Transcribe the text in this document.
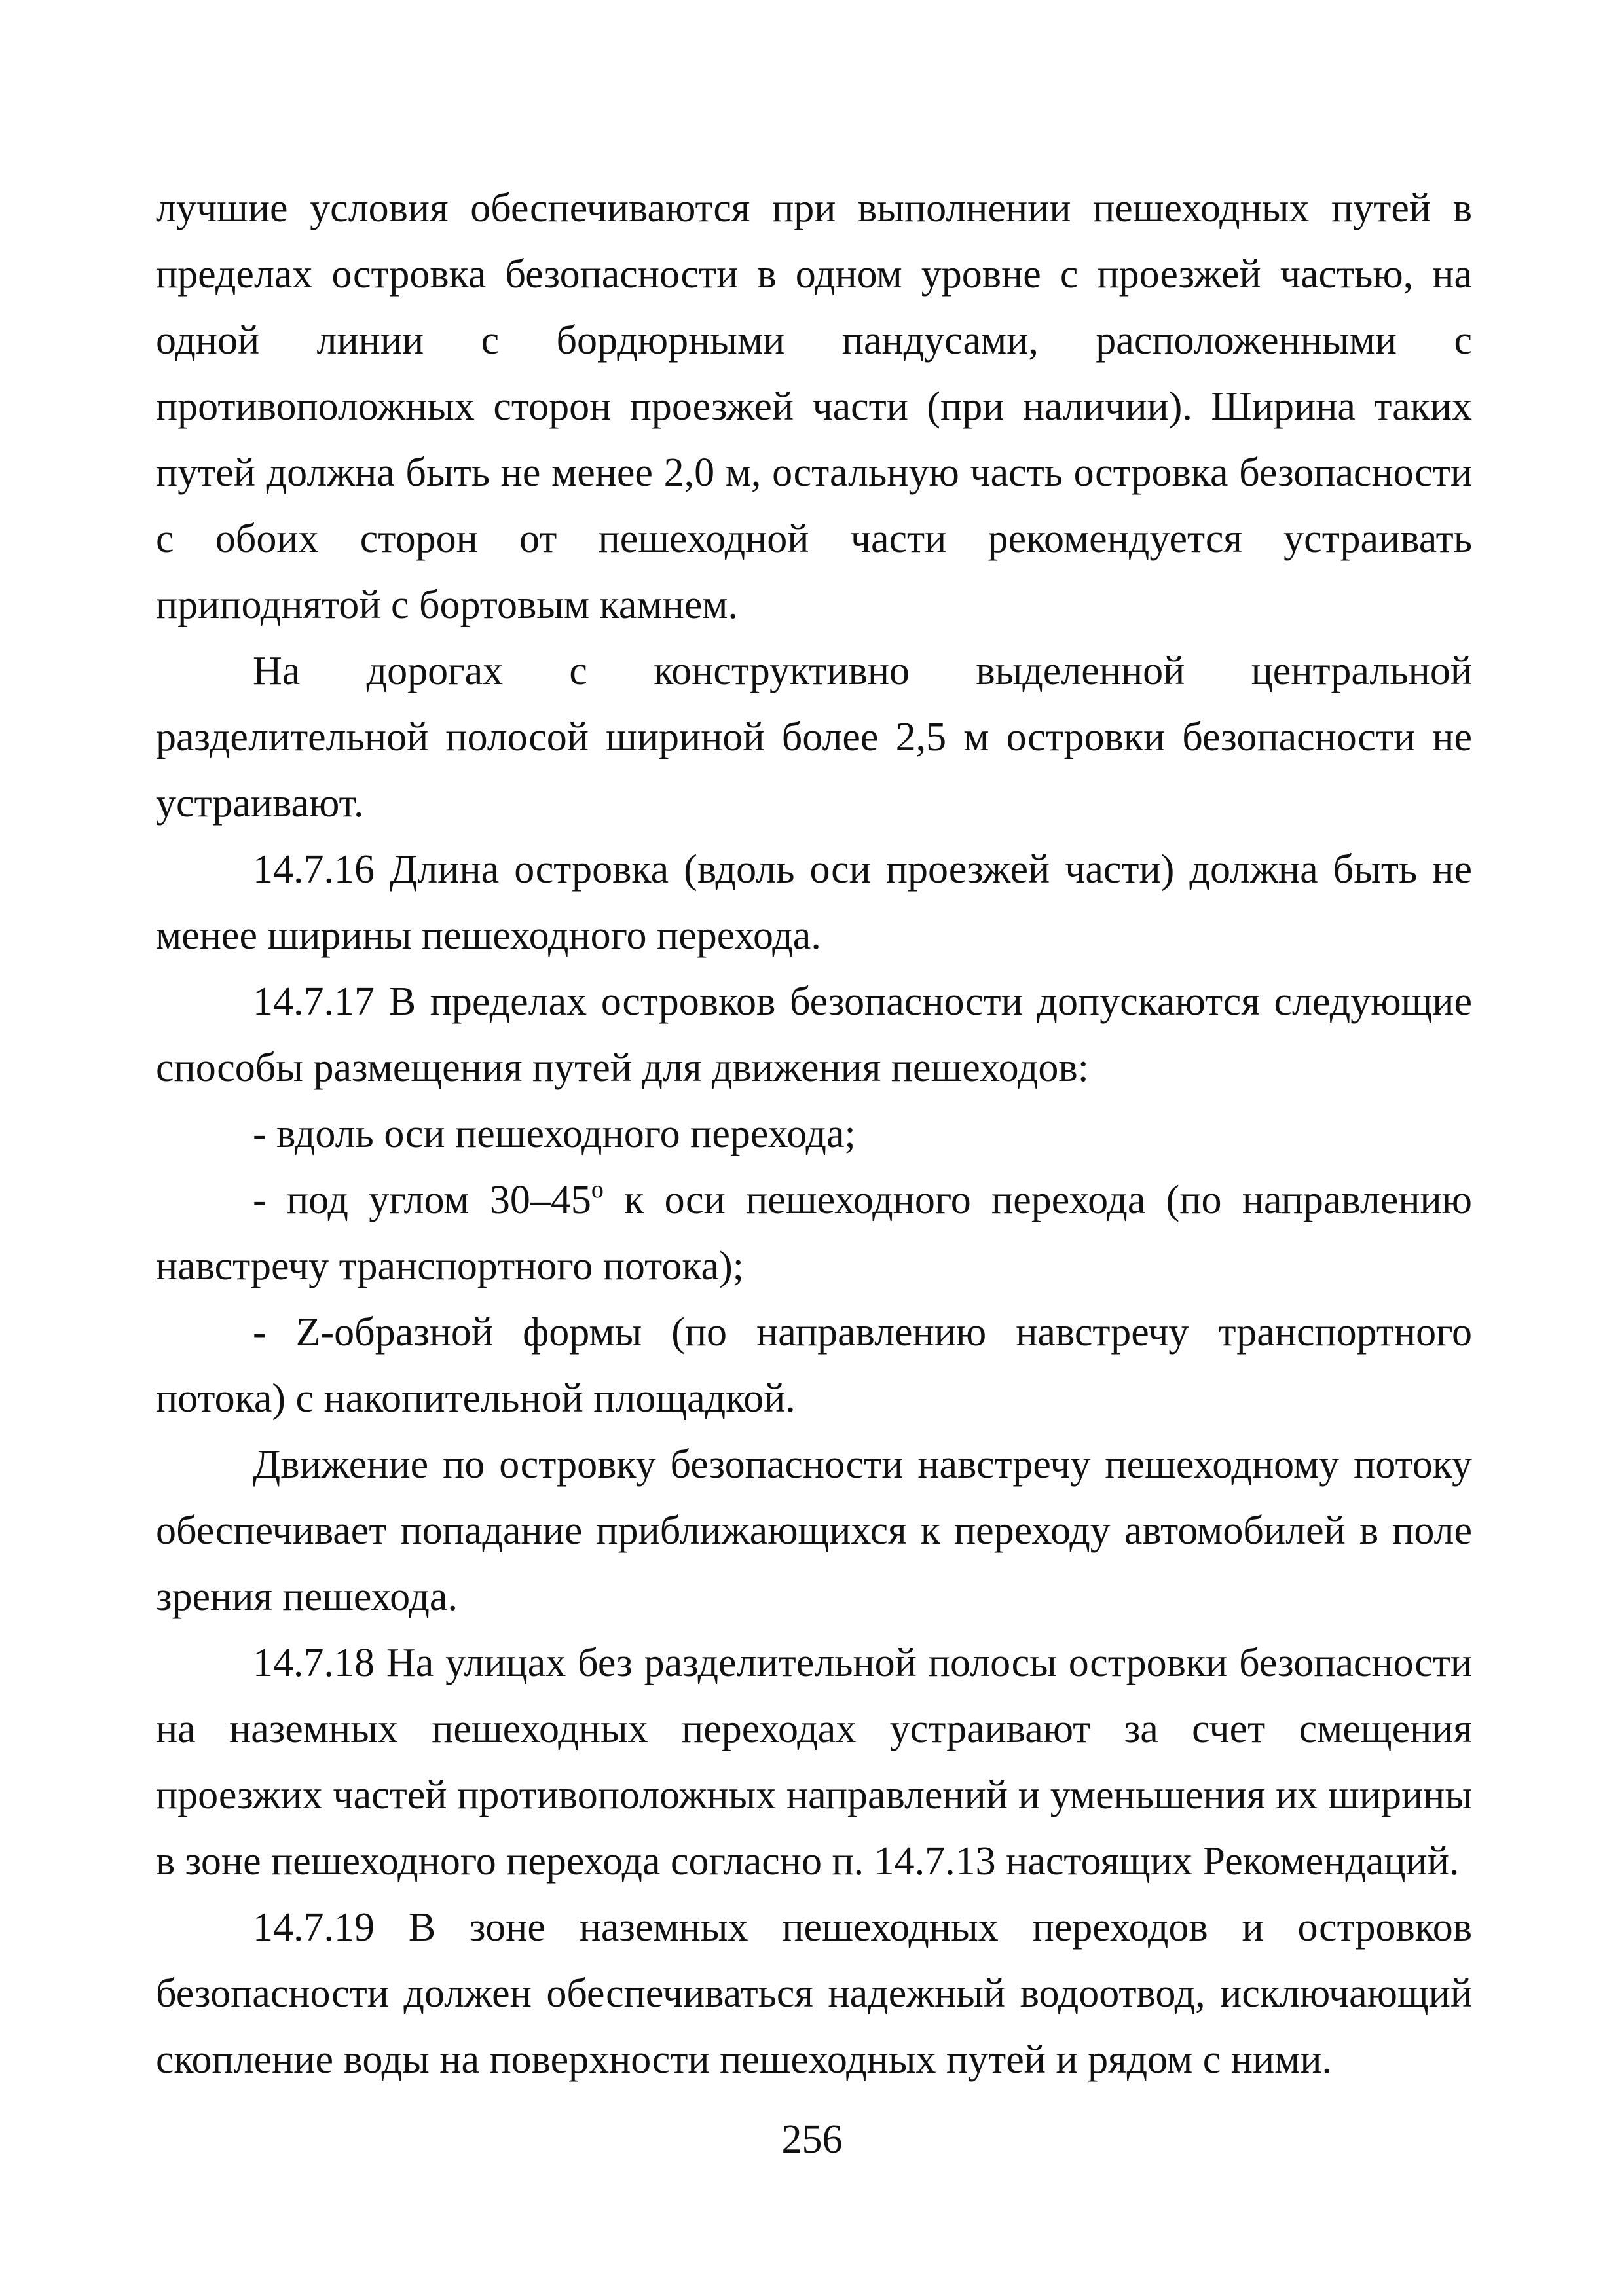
лучшие условия обеспечиваются при выполнении пешеходных путей в пределах островка безопасности в одном уровне с проезжей частью, на одной линии с бордюрными пандусами, расположенными с противоположных сторон проезжей части (при наличии). Ширина таких путей должна быть не менее 2,0 м, остальную часть островка безопасности с обоих сторон от пешеходной части рекомендуется устраивать приподнятой с бортовым камнем.

На дорогах с конструктивно выделенной центральной разделительной полосой шириной более 2,5 м островки безопасности не устраивают.

14.7.16 Длина островка (вдоль оси проезжей части) должна быть не менее ширины пешеходного перехода.

14.7.17 В пределах островков безопасности допускаются следующие способы размещения путей для движения пешеходов:

- вдоль оси пешеходного перехода;

- под углом $30-45^о$ к оси пешеходного перехода (по направлению навстречу транспортного потока);

- Z-образной формы (по направлению навстречу транспортного потока) с накопительной площадкой.

Движение по островку безопасности навстречу пешеходному потоку обеспечивает попадание приближающихся к переходу автомобилей в поле зрения пешехода.

14.7.18 На улицах без разделительной полосы островки безопасности на наземных пешеходных переходах устраивают за счет смещения проезжих частей противоположных направлений и уменьшения их ширины в зоне пешеходного перехода согласно п. 14.7.13 настоящих Рекомендаций.

14.7.19 В зоне наземных пешеходных переходов и островков безопасности должен обеспечиваться надежный водоотвод, исключающий скопление воды на поверхности пешеходных путей и рядом с ними.

256
